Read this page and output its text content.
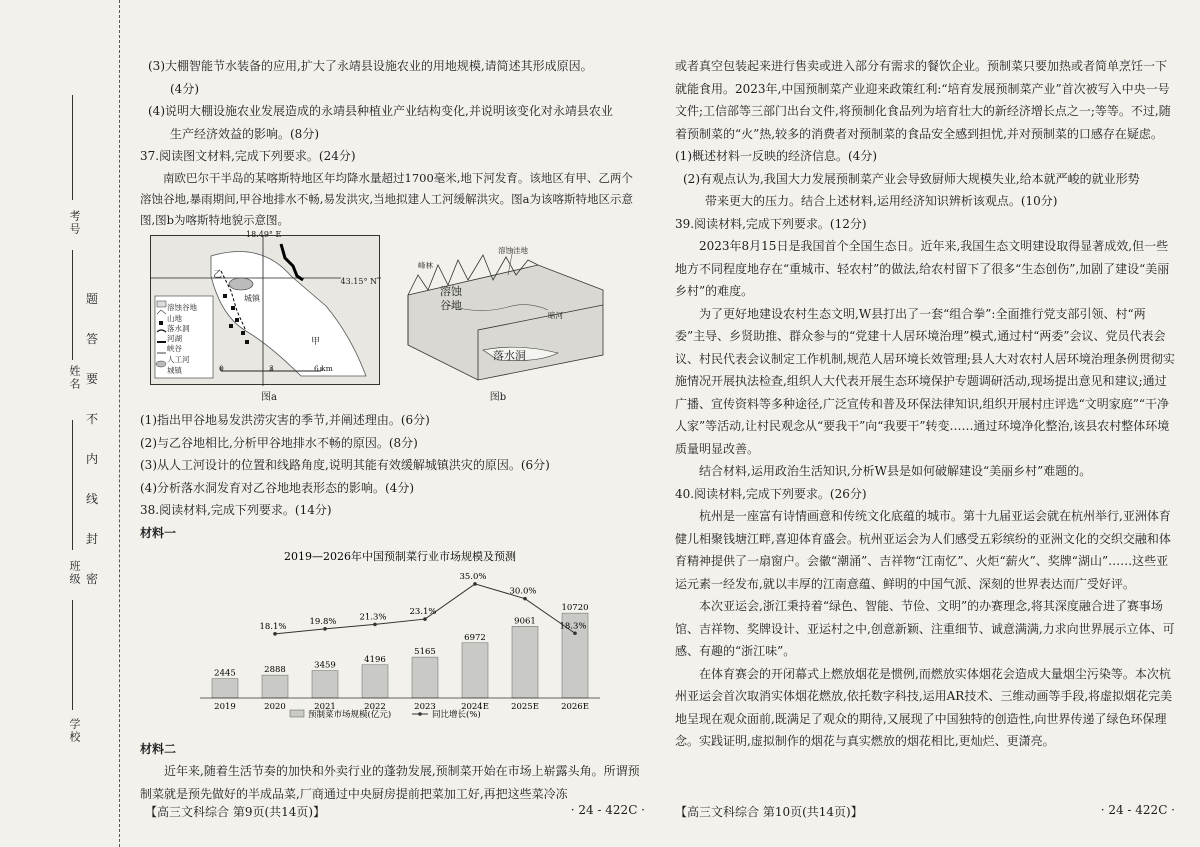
考号
姓名
班级
学校
题
答
要
不
内
线
封
密

(3)大棚智能节水装备的应用,扩大了永靖县设施农业的用地规模,请简述其形成原因。

(4分)

(4)说明大棚设施农业发展造成的永靖县种植业产业结构变化,并说明该变化对永靖县农业

生产经济效益的影响。(8分)

37.阅读图文材料,完成下列要求。(24分)

南欧巴尔干半岛的某喀斯特地区年均降水量超过1700毫米,地下河发育。该地区有甲、乙两个溶蚀谷地,暴雨期间,甲谷地排水不畅,易发洪灾,当地拟建人工河缓解洪灾。图a为该喀斯特地区示意图,图b为喀斯特地貌示意图。

18.49° E
43.15° N
溶蚀谷地
山地
落水洞
河湖
峡谷
人工河
城镇
城镇
乙
甲
0	3	6 km
峰林
溶蚀洼地
溶蚀谷地
落水洞
暗河
图a	图b

(1)指出甲谷地易发洪涝灾害的季节,并阐述理由。(6分)

(2)与乙谷地相比,分析甲谷地排水不畅的原因。(8分)

(3)从人工河设计的位置和线路角度,说明其能有效缓解城镇洪灾的原因。(6分)

(4)分析落水洞发育对乙谷地地表形态的影响。(4分)

38.阅读材料,完成下列要求。(14分)

材料一

2019—2026年中国预制菜行业市场规模及预测
2445	2888	3459
4196
5165
6972
9061
10720
18.1%
19.8%	21.3%
23.1%
35.0%
30.0%
18.3%
2019	2020	2021	2022	2023	2024E	2025E	2026E
预制菜市场规模(亿元)	同比增长(%)

材料二

近年来,随着生活节奏的加快和外卖行业的蓬勃发展,预制菜开始在市场上崭露头角。所谓预制菜就是预先做好的半成品菜,厂商通过中央厨房提前把菜加工好,再把这些菜冷冻

或者真空包装起来进行售卖或进入部分有需求的餐饮企业。预制菜只要加热或者简单烹饪一下就能食用。2023年,中国预制菜产业迎来政策红利:“培育发展预制菜产业”首次被写入中央一号文件;工信部等三部门出台文件,将预制化食品列为培育壮大的新经济增长点之一;等等。不过,随着预制菜的“火”热,较多的消费者对预制菜的食品安全感到担忧,并对预制菜的口感存在疑虑。

(1)概述材料一反映的经济信息。(4分)

(2)有观点认为,我国大力发展预制菜产业会导致厨师大规模失业,给本就严峻的就业形势

带来更大的压力。结合上述材料,运用经济知识辨析该观点。(10分)

39.阅读材料,完成下列要求。(12分)

2023年8月15日是我国首个全国生态日。近年来,我国生态文明建设取得显著成效,但一些地方不同程度地存在“重城市、轻农村”的做法,给农村留下了很多“生态创伤”,加剧了建设“美丽乡村”的难度。

为了更好地建设农村生态文明,W县打出了一套“组合拳”:全面推行党支部引领、村“两委”主导、乡贤助推、群众参与的“党建十人居环境治理”模式,通过村“两委”会议、党员代表会议、村民代表会议制定工作机制,规范人居环境长效管理;县人大对农村人居环境治理条例贯彻实施情况开展执法检查,组织人大代表开展生态环境保护专题调研活动,现场提出意见和建议;通过广播、宣传资料等多种途径,广泛宣传和普及环保法律知识,组织开展村庄评选“文明家庭”“干净人家”等活动,让村民观念从“要我干”向“我要干”转变……通过环境净化整治,该县农村整体环境质量明显改善。

结合材料,运用政治生活知识,分析W县是如何破解建设“美丽乡村”难题的。

40.阅读材料,完成下列要求。(26分)

杭州是一座富有诗情画意和传统文化底蕴的城市。第十九届亚运会就在杭州举行,亚洲体育健儿相聚钱塘江畔,喜迎体育盛会。杭州亚运会为人们感受五彩缤纷的亚洲文化的交织交融和体育精神提供了一扇窗户。会徽“潮涌”、吉祥物“江南忆”、火炬“薪火”、奖牌“湖山”……这些亚运元素一经发布,就以丰厚的江南意蕴、鲜明的中国气派、深刻的世界表达而广受好评。

本次亚运会,浙江秉持着“绿色、智能、节俭、文明”的办赛理念,将其深度融合进了赛事场馆、吉祥物、奖牌设计、亚运村之中,创意新颖、注重细节、诚意满满,力求向世界展示立体、可感、有趣的“浙江味”。

在体育赛会的开闭幕式上燃放烟花是惯例,而燃放实体烟花会造成大量烟尘污染等。本次杭州亚运会首次取消实体烟花燃放,依托数字科技,运用AR技术、三维动画等手段,将虚拟烟花完美地呈现在观众面前,既满足了观众的期待,又展现了中国独特的创造性,向世界传递了绿色环保理念。实践证明,虚拟制作的烟花与真实燃放的烟花相比,更灿烂、更潇亮。

【高三文科综合 第9页(共14页)】	· 24 - 422C ·	【高三文科综合 第10页(共14页)】	· 24 - 422C ·
